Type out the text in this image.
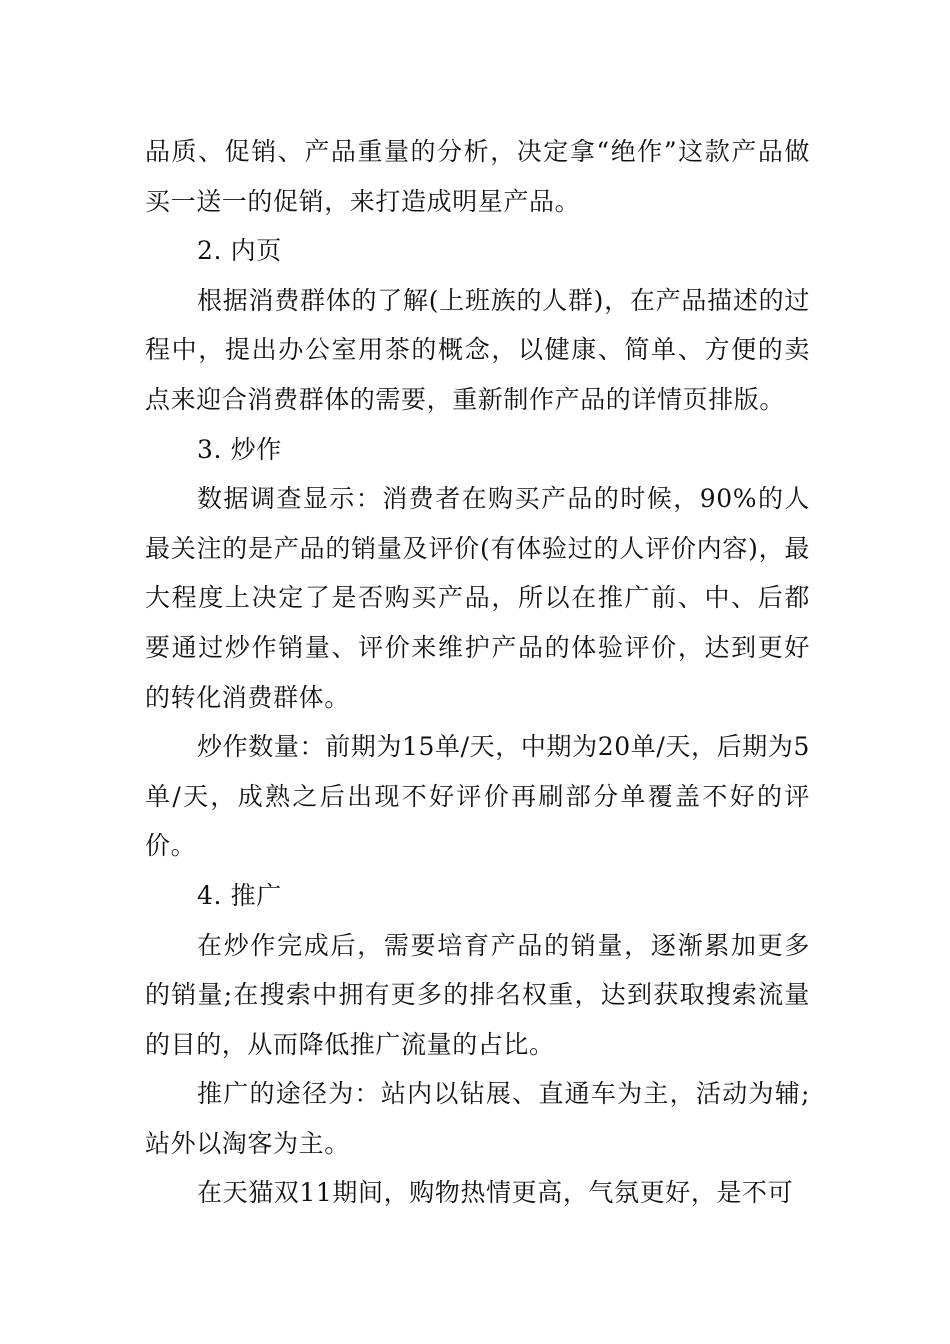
品质、促销、产品重量的分析，决定拿“绝作”这款产品做买一送一的促销，来打造成明星产品。

2. 内页

根据消费群体的了解(上班族的人群)，在产品描述的过程中，提出办公室用茶的概念，以健康、简单、方便的卖点来迎合消费群体的需要，重新制作产品的详情页排版。

3. 炒作

数据调查显示：消费者在购买产品的时候，90%的人最关注的是产品的销量及评价(有体验过的人评价内容)，最大程度上决定了是否购买产品，所以在推广前、中、后都要通过炒作销量、评价来维护产品的体验评价，达到更好的转化消费群体。

炒作数量：前期为15单/天，中期为20单/天，后期为5单/天，成熟之后出现不好评价再刷部分单覆盖不好的评价。

4. 推广

在炒作完成后，需要培育产品的销量，逐渐累加更多的销量;在搜索中拥有更多的排名权重，达到获取搜索流量的目的，从而降低推广流量的占比。

推广的途径为：站内以钻展、直通车为主，活动为辅;站外以淘客为主。

在天猫双11期间，购物热情更高，气氛更好，是不可
